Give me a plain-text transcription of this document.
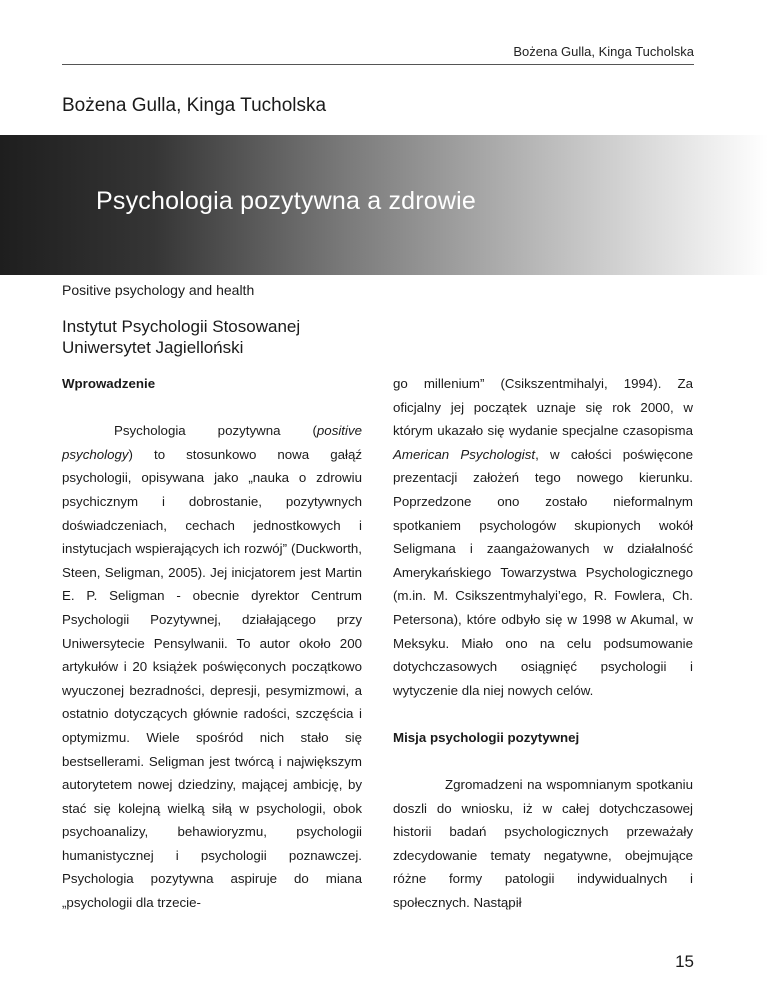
Bożena Gulla, Kinga Tucholska
Bożena Gulla, Kinga Tucholska
Psychologia pozytywna a zdrowie
Positive psychology and health
Instytut Psychologii Stosowanej
Uniwersytet Jagielloński

Wprowadzenie

Psychologia pozytywna (positive psychology) to stosunkowo nowa gałąź psychologii, opisywana jako „nauka o zdrowiu psychicznym i dobrostanie, pozytywnych doświadczeniach, cechach jednostkowych i instytucjach wspierających ich rozwój” (Duckworth, Steen, Seligman, 2005). Jej inicjatorem jest Martin E. P. Seligman - obecnie dyrektor Centrum Psychologii Pozytywnej, działającego przy Uniwersytecie Pensylwanii. To autor około 200 artykułów i 20 książek poświęconych początkowo wyuczonej bezradności, depresji, pesymizmowi, a ostatnio dotyczących głównie radości, szczęścia i optymizmu. Wiele spośród nich stało się bestsellerami. Seligman jest twórcą i największym autorytetem nowej dziedziny, mającej ambicję, by stać się kolejną wielką siłą w psychologii, obok psychoanalizy, behawioryzmu, psychologii humanistycznej i psychologii poznawczej. Psychologia pozytywna aspiruje do miana „psychologii dla trzecie-

go millenium” (Csikszentmihalyi, 1994). Za oficjalny jej początek uznaje się rok 2000, w którym ukazało się wydanie specjalne czasopisma American Psychologist, w całości poświęcone prezentacji założeń tego nowego kierunku. Poprzedzone ono zostało nieformalnym spotkaniem psychologów skupionych wokół Seligmana i zaangażowanych w działalność Amerykańskiego Towarzystwa Psychologicznego (m.in. M. Csikszentmyhalyi’ego, R. Fowlera, Ch. Petersona), które odbyło się w 1998 w Akumal, w Meksyku. Miało ono na celu podsumowanie dotychczasowych osiągnięć psychologii i wytyczenie dla niej nowych celów.

Misja psychologii pozytywnej

Zgromadzeni na wspomnianym spotkaniu doszli do wniosku, iż w całej dotychczasowej historii badań psychologicznych przeważały zdecydowanie tematy negatywne, obejmujące różne formy patologii indywidualnych i społecznych. Nastąpił

15
